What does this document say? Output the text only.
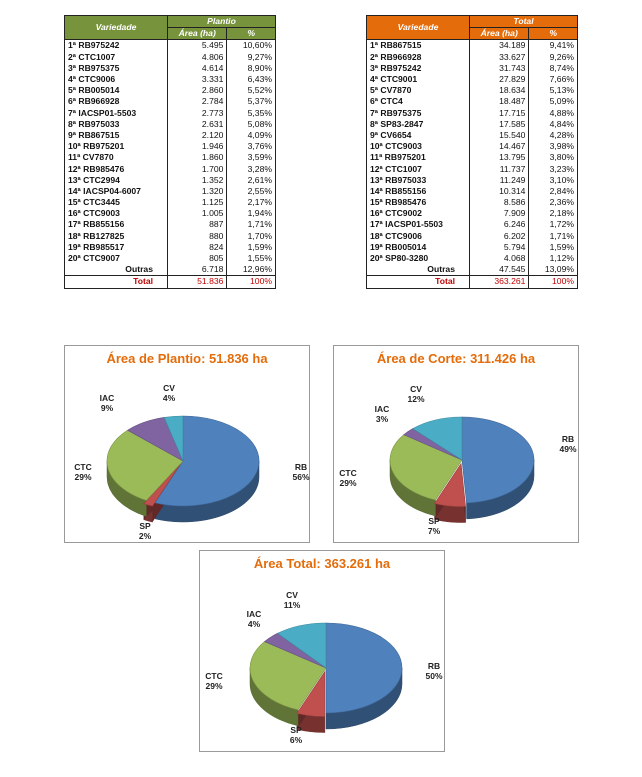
Variedade	Plantio	
	Área (ha)	%
1ª RB975242	5.495	10,60%
2ª CTC1007	4.806	9,27%
3ª RB975375	4.614	8,90%
4ª CTC9006	3.331	6,43%
5ª RB005014	2.860	5,52%
6ª RB966928	2.784	5,37%
7ª IACSP01-5503	2.773	5,35%
8ª RB975033	2.631	5,08%
9ª RB867515	2.120	4,09%
10ª RB975201	1.946	3,76%
11ª CV7870	1.860	3,59%
12ª RB985476	1.700	3,28%
13ª CTC2994	1.352	2,61%
14ª IACSP04-6007	1.320	2,55%
15ª CTC3445	1.125	2,17%
16ª CTC9003	1.005	1,94%
17ª RB855156	887	1,71%
18ª RB127825	880	1,70%
19ª RB985517	824	1,59%
20ª CTC9007	805	1,55%
Outras	6.718	12,96%
Total	51.836	100%
Variedade	Total	
	Área (ha)	%
1ª RB867515	34.189	9,41%
2ª RB966928	33.627	9,26%
3ª RB975242	31.743	8,74%
4ª CTC9001	27.829	7,66%
5ª CV7870	18.634	5,13%
6ª CTC4	18.487	5,09%
7ª RB975375	17.715	4,88%
8ª SP83-2847	17.585	4,84%
9ª CV6654	15.540	4,28%
10ª CTC9003	14.467	3,98%
11ª RB975201	13.795	3,80%
12ª CTC1007	11.737	3,23%
13ª RB975033	11.249	3,10%
14ª RB855156	10.314	2,84%
15ª RB985476	8.586	2,36%
16ª CTC9002	7.909	2,18%
17ª IACSP01-5503	6.246	1,72%
18ª CTC9006	6.202	1,71%
19ª RB005014	5.794	1,59%
20ª SP80-3280	4.068	1,12%
Outras	47.545	13,09%
Total	363.261	100%
RB 56%
SP 2%
CTC 29%
IAC 9%
CV 4%
Área de Plantio: 51.836 ha
RB 49%
SP 7%
CTC 29%
IAC 3%
CV 12%
Área de Corte: 311.426 ha
RB 50%
SP 6%
CTC 29%
IAC 4%
CV 11%
Área Total: 363.261 ha
